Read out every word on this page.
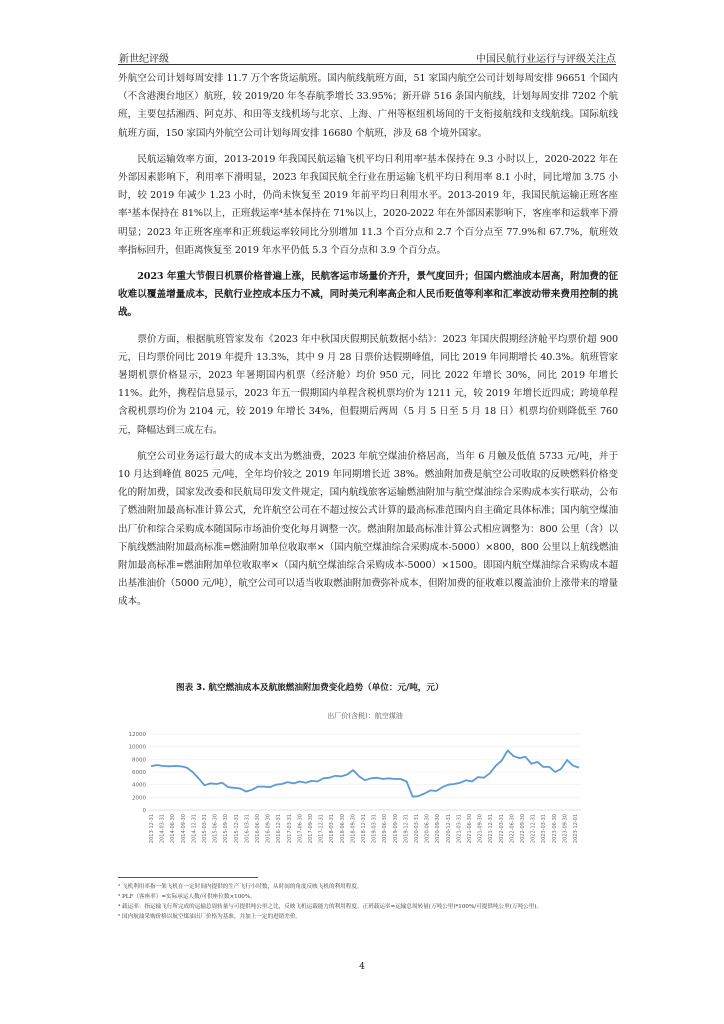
新世纪评级	中国民航行业运行与评级关注点

外航空公司计划每周安排 11.7 万个客货运航班。国内航线航班方面，51 家国内航空公司计划每周安排 96651 个国内（不含港澳台地区）航班，较 2019/20 年冬春航季增长 33.95%；新开辟 516 条国内航线，计划每周安排 7202 个航班，主要包括湘西、阿克苏、和田等支线机场与北京、上海、广州等枢纽机场间的干支衔接航线和支线航线。国际航线航班方面，150 家国内外航空公司计划每周安排 16680 个航班，涉及 68 个境外国家。

民航运输效率方面，2013-2019 年我国民航运输飞机平均日利用率²基本保持在 9.3 小时以上，2020-2022 年在外部因素影响下，利用率下滑明显，2023 年我国民航全行业在册运输飞机平均日利用率 8.1 小时，同比增加 3.75 小时，较 2019 年减少 1.23 小时，仍尚未恢复至 2019 年前平均日利用水平。2013-2019 年，我国民航运输正班客座率³基本保持在 81%以上，正班载运率⁴基本保持在 71%以上，2020-2022 年在外部因素影响下，客座率和运载率下滑明显；2023 年正班客座率和正班载运率较同比分别增加 11.3 个百分点和 2.7 个百分点至 77.9%和 67.7%，航班效率指标回升，但距离恢复至 2019 年水平仍低 5.3 个百分点和 3.9 个百分点。

2023 年重大节假日机票价格普遍上涨，民航客运市场量价齐升，景气度回升；但国内燃油成本居高，附加费的征收难以覆盖增量成本，民航行业控成本压力不减，同时美元利率高企和人民币贬值等利率和汇率波动带来费用控制的挑战。

票价方面，根据航班管家发布《2023 年中秋国庆假期民航数据小结》：2023 年国庆假期经济舱平均票价超 900 元，日均票价同比 2019 年提升 13.3%，其中 9 月 28 日票价达假期峰值，同比 2019 年同期增长 40.3%。航班管家暑期机票价格显示，2023 年暑期国内机票（经济舱）均价 950 元，同比 2022 年增长 30%，同比 2019 年增长 11%。此外，携程信息显示，2023 年五一假期国内单程含税机票均价为 1211 元，较 2019 年增长近四成；跨境单程含税机票均价为 2104 元，较 2019 年增长 34%，但假期后两周（5 月 5 日至 5 月 18 日）机票均价则降低至 760 元，降幅达到三成左右。

航空公司业务运行最大的成本支出为燃油费，2023 年航空煤油价格居高，当年 6 月触及低值 5733 元/吨，并于 10 月达到峰值 8025 元/吨，全年均价较之 2019 年同期增长近 38%。燃油附加费是航空公司收取的反映燃料价格变化的附加费，国家发改委和民航局印发文件规定，国内航线旅客运输燃油附加与航空煤油综合采购成本实行联动，公布了燃油附加最高标准计算公式，允许航空公司在不超过按公式计算的最高标准范围内自主确定具体标准；国内航空煤油出厂价和综合采购成本随国际市场油价变化每月调整一次。燃油附加最高标准计算公式相应调整为：800 公里（含）以下航线燃油附加最高标准=燃油附加单位收取率×（国内航空煤油综合采购成本-5000）×800，800 公里以上航线燃油附加最高标准=燃油附加单位收取率×（国内航空煤油综合采购成本-5000）×1500。即国内航空煤油综合采购成本超出基准油价（5000 元/吨），航空公司可以适当收取燃油附加费弥补成本，但附加费的征收难以覆盖油价上涨带来的增量成本。

图表 3. 航空燃油成本及航旅燃油附加费变化趋势（单位：元/吨，元）
出厂价(含税)：航空煤油
0
2000
4000
6000
8000
10000
12000
2013-12-31 2014-03-31 2014-06-30 2014-09-30 2014-12-31 2015-03-31 2015-06-30 2015-09-30 2015-12-31 2016-03-31 2016-06-30 2016-09-30 2016-12-31 2017-03-31 2017-06-30 2017-09-30 2017-12-31 2018-03-31 2018-06-30 2018-09-30 2018-12-31 2019-03-31 2019-06-30 2019-09-30 2019-12-31 2020-03-31 2020-06-30 2020-09-30 2020-12-31 2021-03-31 2021-06-30 2021-09-30 2021-12-31 2022-03-31 2022-06-30 2022-09-30 2022-12-31 2023-03-31 2023-06-30 2023-09-30 2023-12-01
² 飞机利用率指一架飞机在一定时间内提供的生产飞行小时数，从时间的角度反映飞机的利用程度。
³ PLF（客座率）=实际承运人数/可供座位数×100%。
⁴ 载运率：指运输飞行所完成的运输总周转量与可提供吨公里之比，反映飞机运载能力的利用程度。正班载运率=运输总周转量(万吨公里)*100%/可提供吨公里(万吨公里)。
⁵ 国内航油采购价格以航空煤油出厂价格为基准，并加上一定的进销差价。
4
